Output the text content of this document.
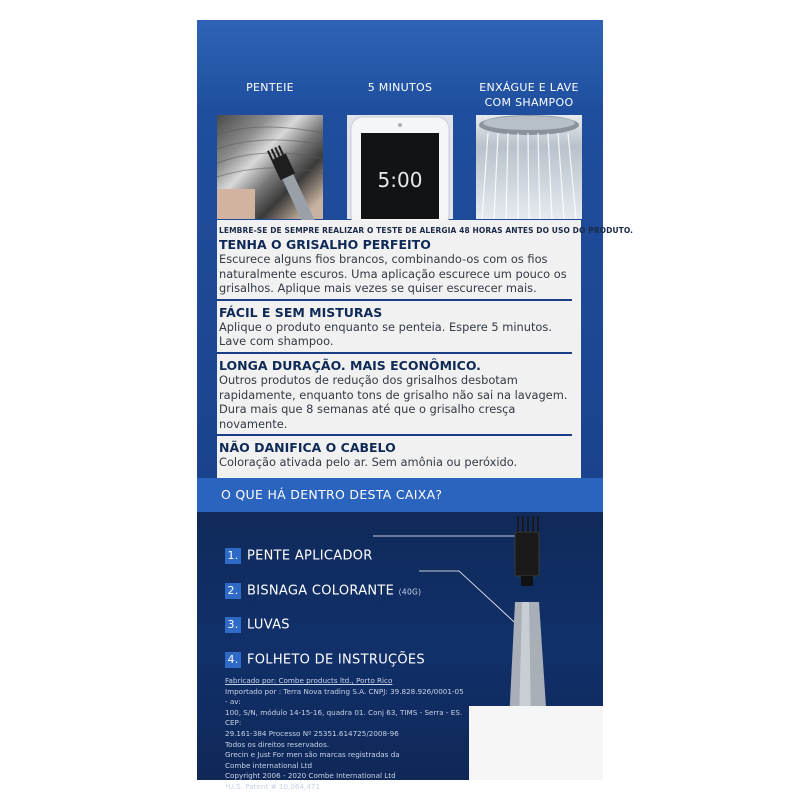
PENTEIE	5 MINUTOS	ENXÁGUE E LAVE
COM SHAMPOO
5:00
LEMBRE-SE DE SEMPRE REALIZAR O TESTE DE ALERGIA 48 HORAS ANTES DO USO DO PRODUTO.
TENHA O GRISALHO PERFEITO

Escurece alguns fios brancos, combinando-os com os fios

naturalmente escuros. Uma aplicação escurece um pouco os

grisalhos. Aplique mais vezes se quiser escurecer mais.

FÁCIL E SEM MISTURAS

Aplique o produto enquanto se penteia. Espere 5 minutos.

Lave com shampoo.

LONGA DURAÇÃO. MAIS ECONÔMICO.

Outros produtos de redução dos grisalhos desbotam

rapidamente, enquanto tons de grisalho não sai na lavagem.

Dura mais que 8 semanas até que o grisalho cresça novamente.

NÃO DANIFICA O CABELO

Coloração ativada pelo ar. Sem amônia ou peróxido.

O QUE HÁ DENTRO DESTA CAIXA?
1. PENTE APLICADOR
2. BISNAGA COLORANTE (40G)
3. LUVAS
4. FOLHETO DE INSTRUÇÕES
Fabricado por: Combe products ltd., Porto Rico
Importado por : Terra Nova trading S.A. CNPJ: 39.828.926/0001-05 - av:
100, S/N, módulo 14-15-16, quadra 01. Conj 63, TIMS - Serra - ES. CEP:
29.161-384 Processo Nº 25351.614725/2008-96
Todos os direitos reservados.
Grecin e Just For men são marcas registradas da
Combe international Ltd
Copyright 2006 - 2020 Combe International Ltd
*U.S. Patent # 10,064,471
